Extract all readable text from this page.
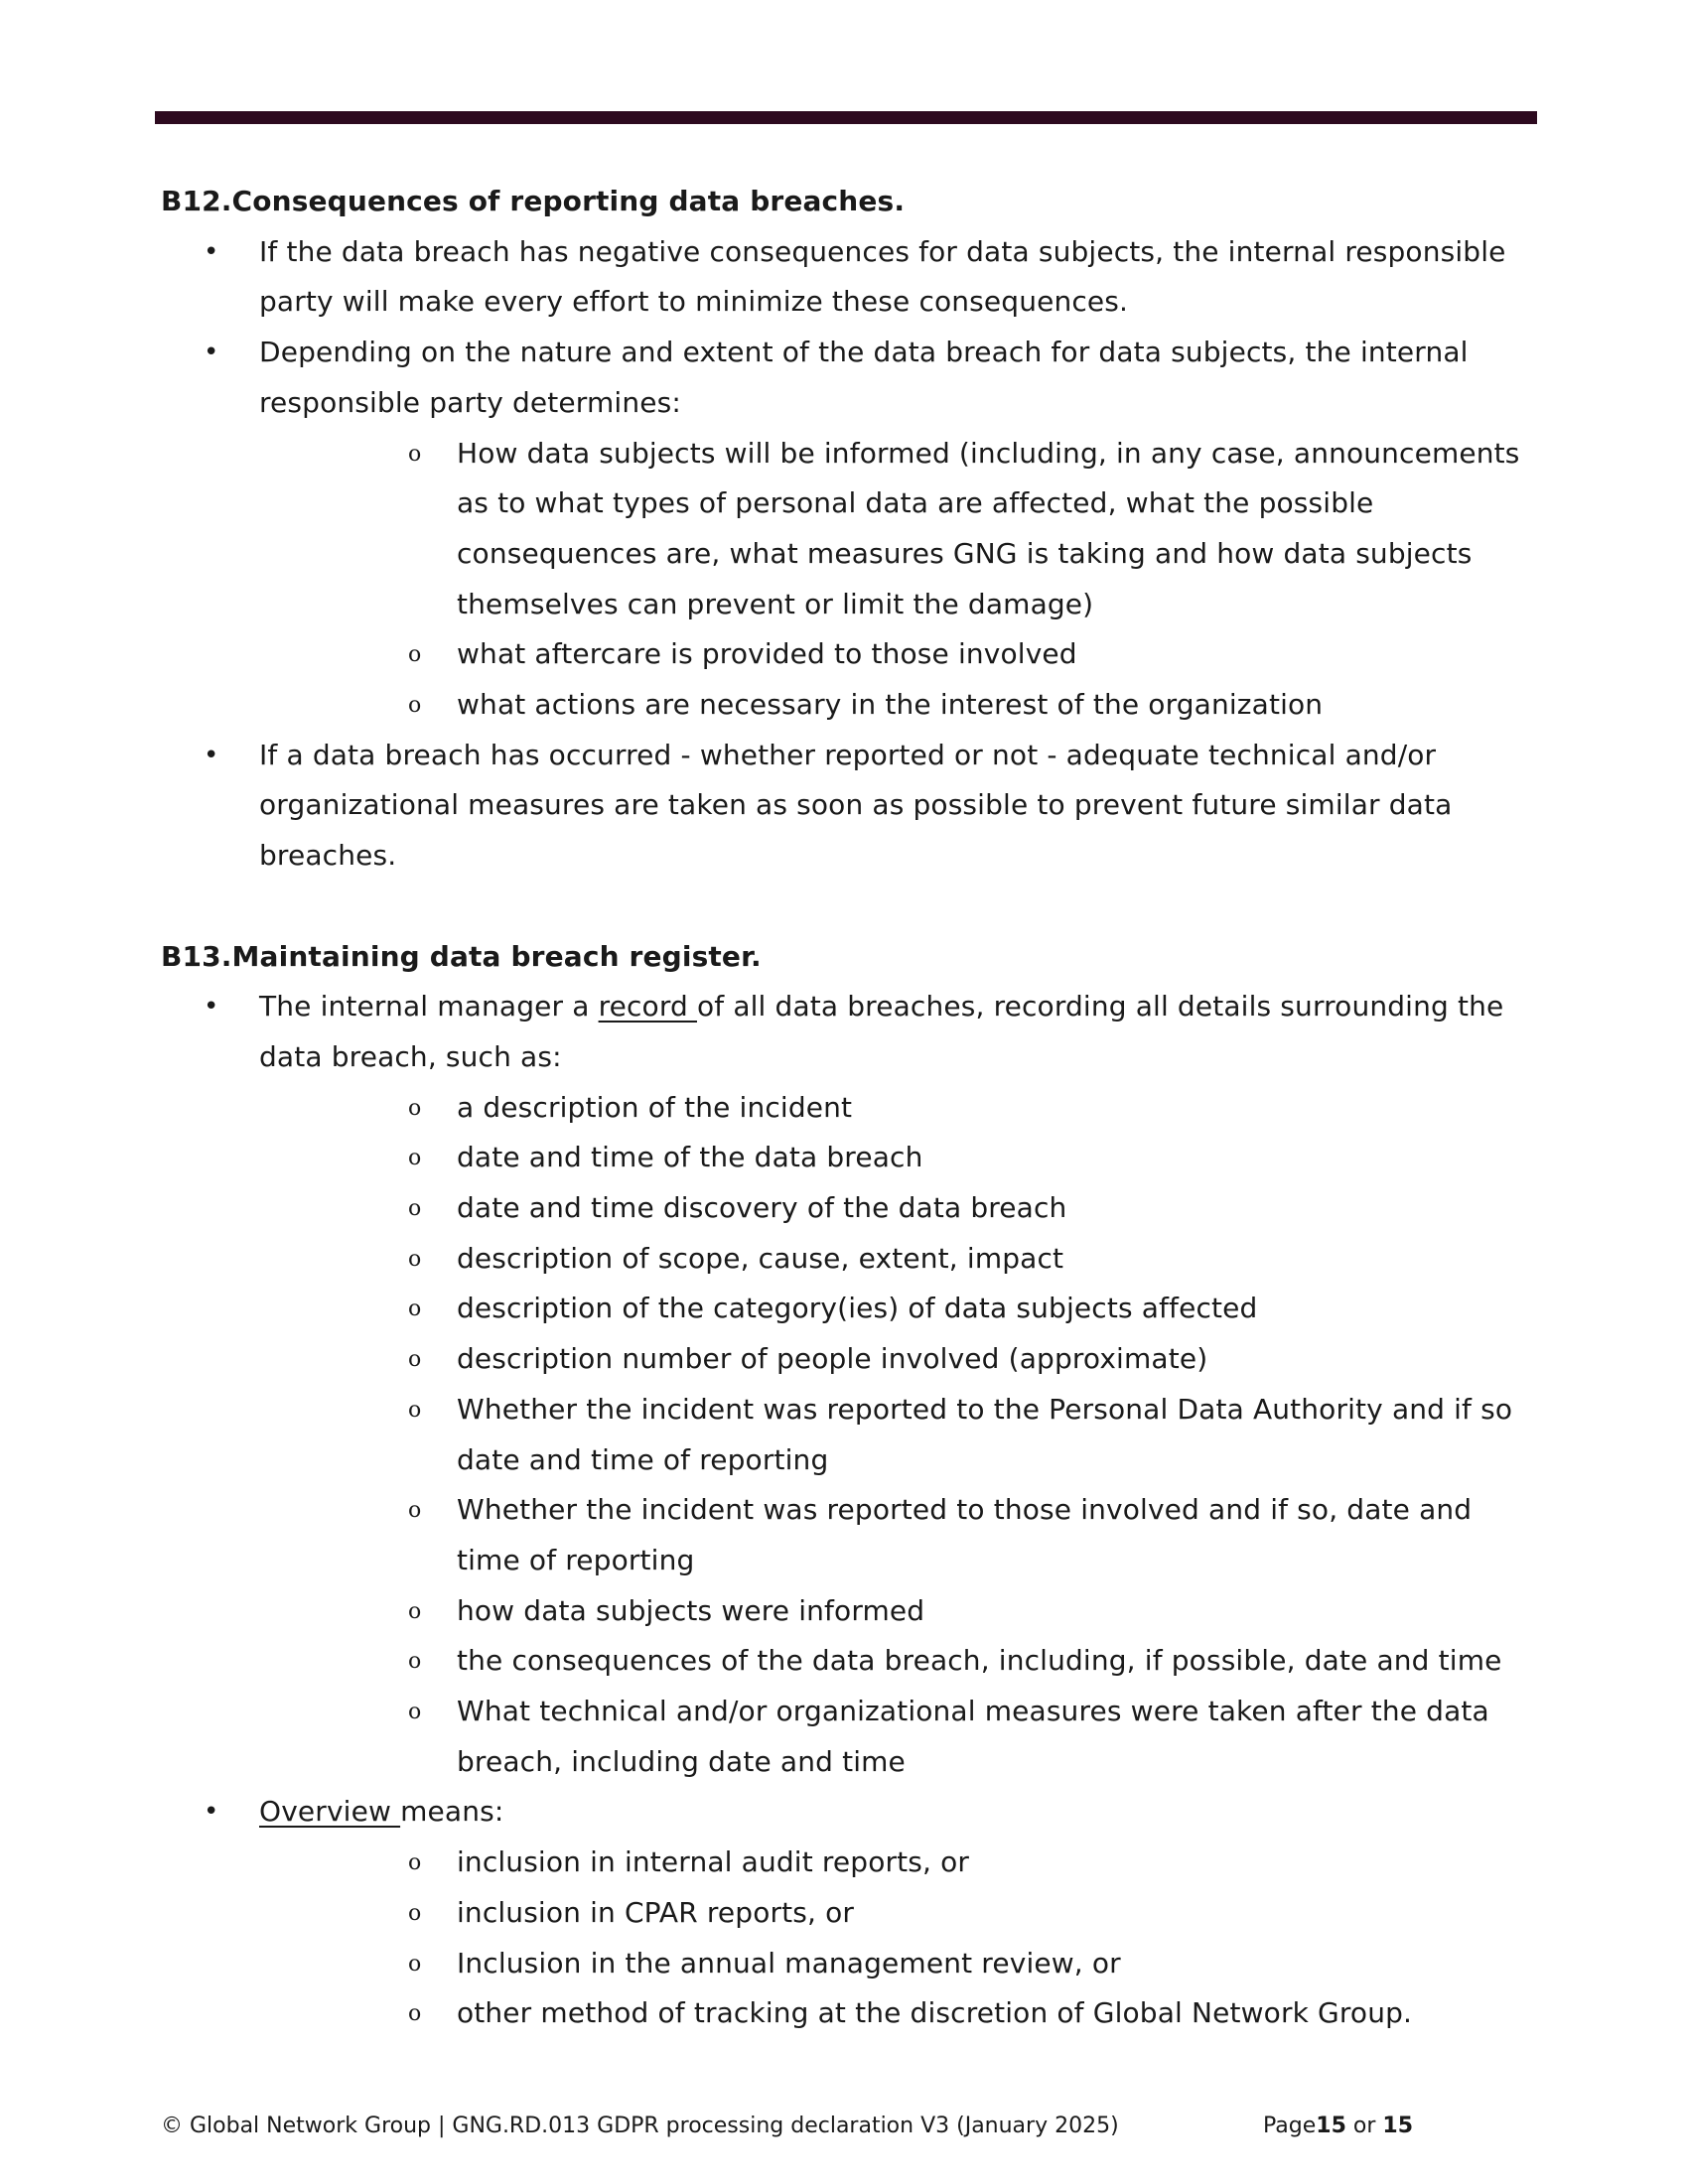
B12.Consequences of reporting data breaches.

• If the data breach has negative consequences for data subjects, the internal responsible party will make every effort to minimize these consequences.
• Depending on the nature and extent of the data breach for data subjects, the internal responsible party determines:
o How data subjects will be informed (including, in any case, announcements as to what types of personal data are affected, what the possible consequences are, what measures GNG is taking and how data subjects themselves can prevent or limit the damage)
o what aftercare is provided to those involved
o what actions are necessary in the interest of the organization
• If a data breach has occurred - whether reported or not - adequate technical and/or organizational measures are taken as soon as possible to prevent future similar data breaches.

B13.Maintaining data breach register.

• The internal manager a record of all data breaches, recording all details surrounding the data breach, such as:
o a description of the incident
o date and time of the data breach
o date and time discovery of the data breach
o description of scope, cause, extent, impact
o description of the category(ies) of data subjects affected
o description number of people involved (approximate)
o Whether the incident was reported to the Personal Data Authority and if so date and time of reporting
o Whether the incident was reported to those involved and if so, date and time of reporting
o how data subjects were informed
o the consequences of the data breach, including, if possible, date and time
o What technical and/or organizational measures were taken after the data breach, including date and time
• Overview means:
o inclusion in internal audit reports, or
o inclusion in CPAR reports, or
o Inclusion in the annual management review, or
o other method of tracking at the discretion of Global Network Group.
© Global Network Group | GNG.RD.013 GDPR processing declaration V3 (January 2025)	Page15 or 15
